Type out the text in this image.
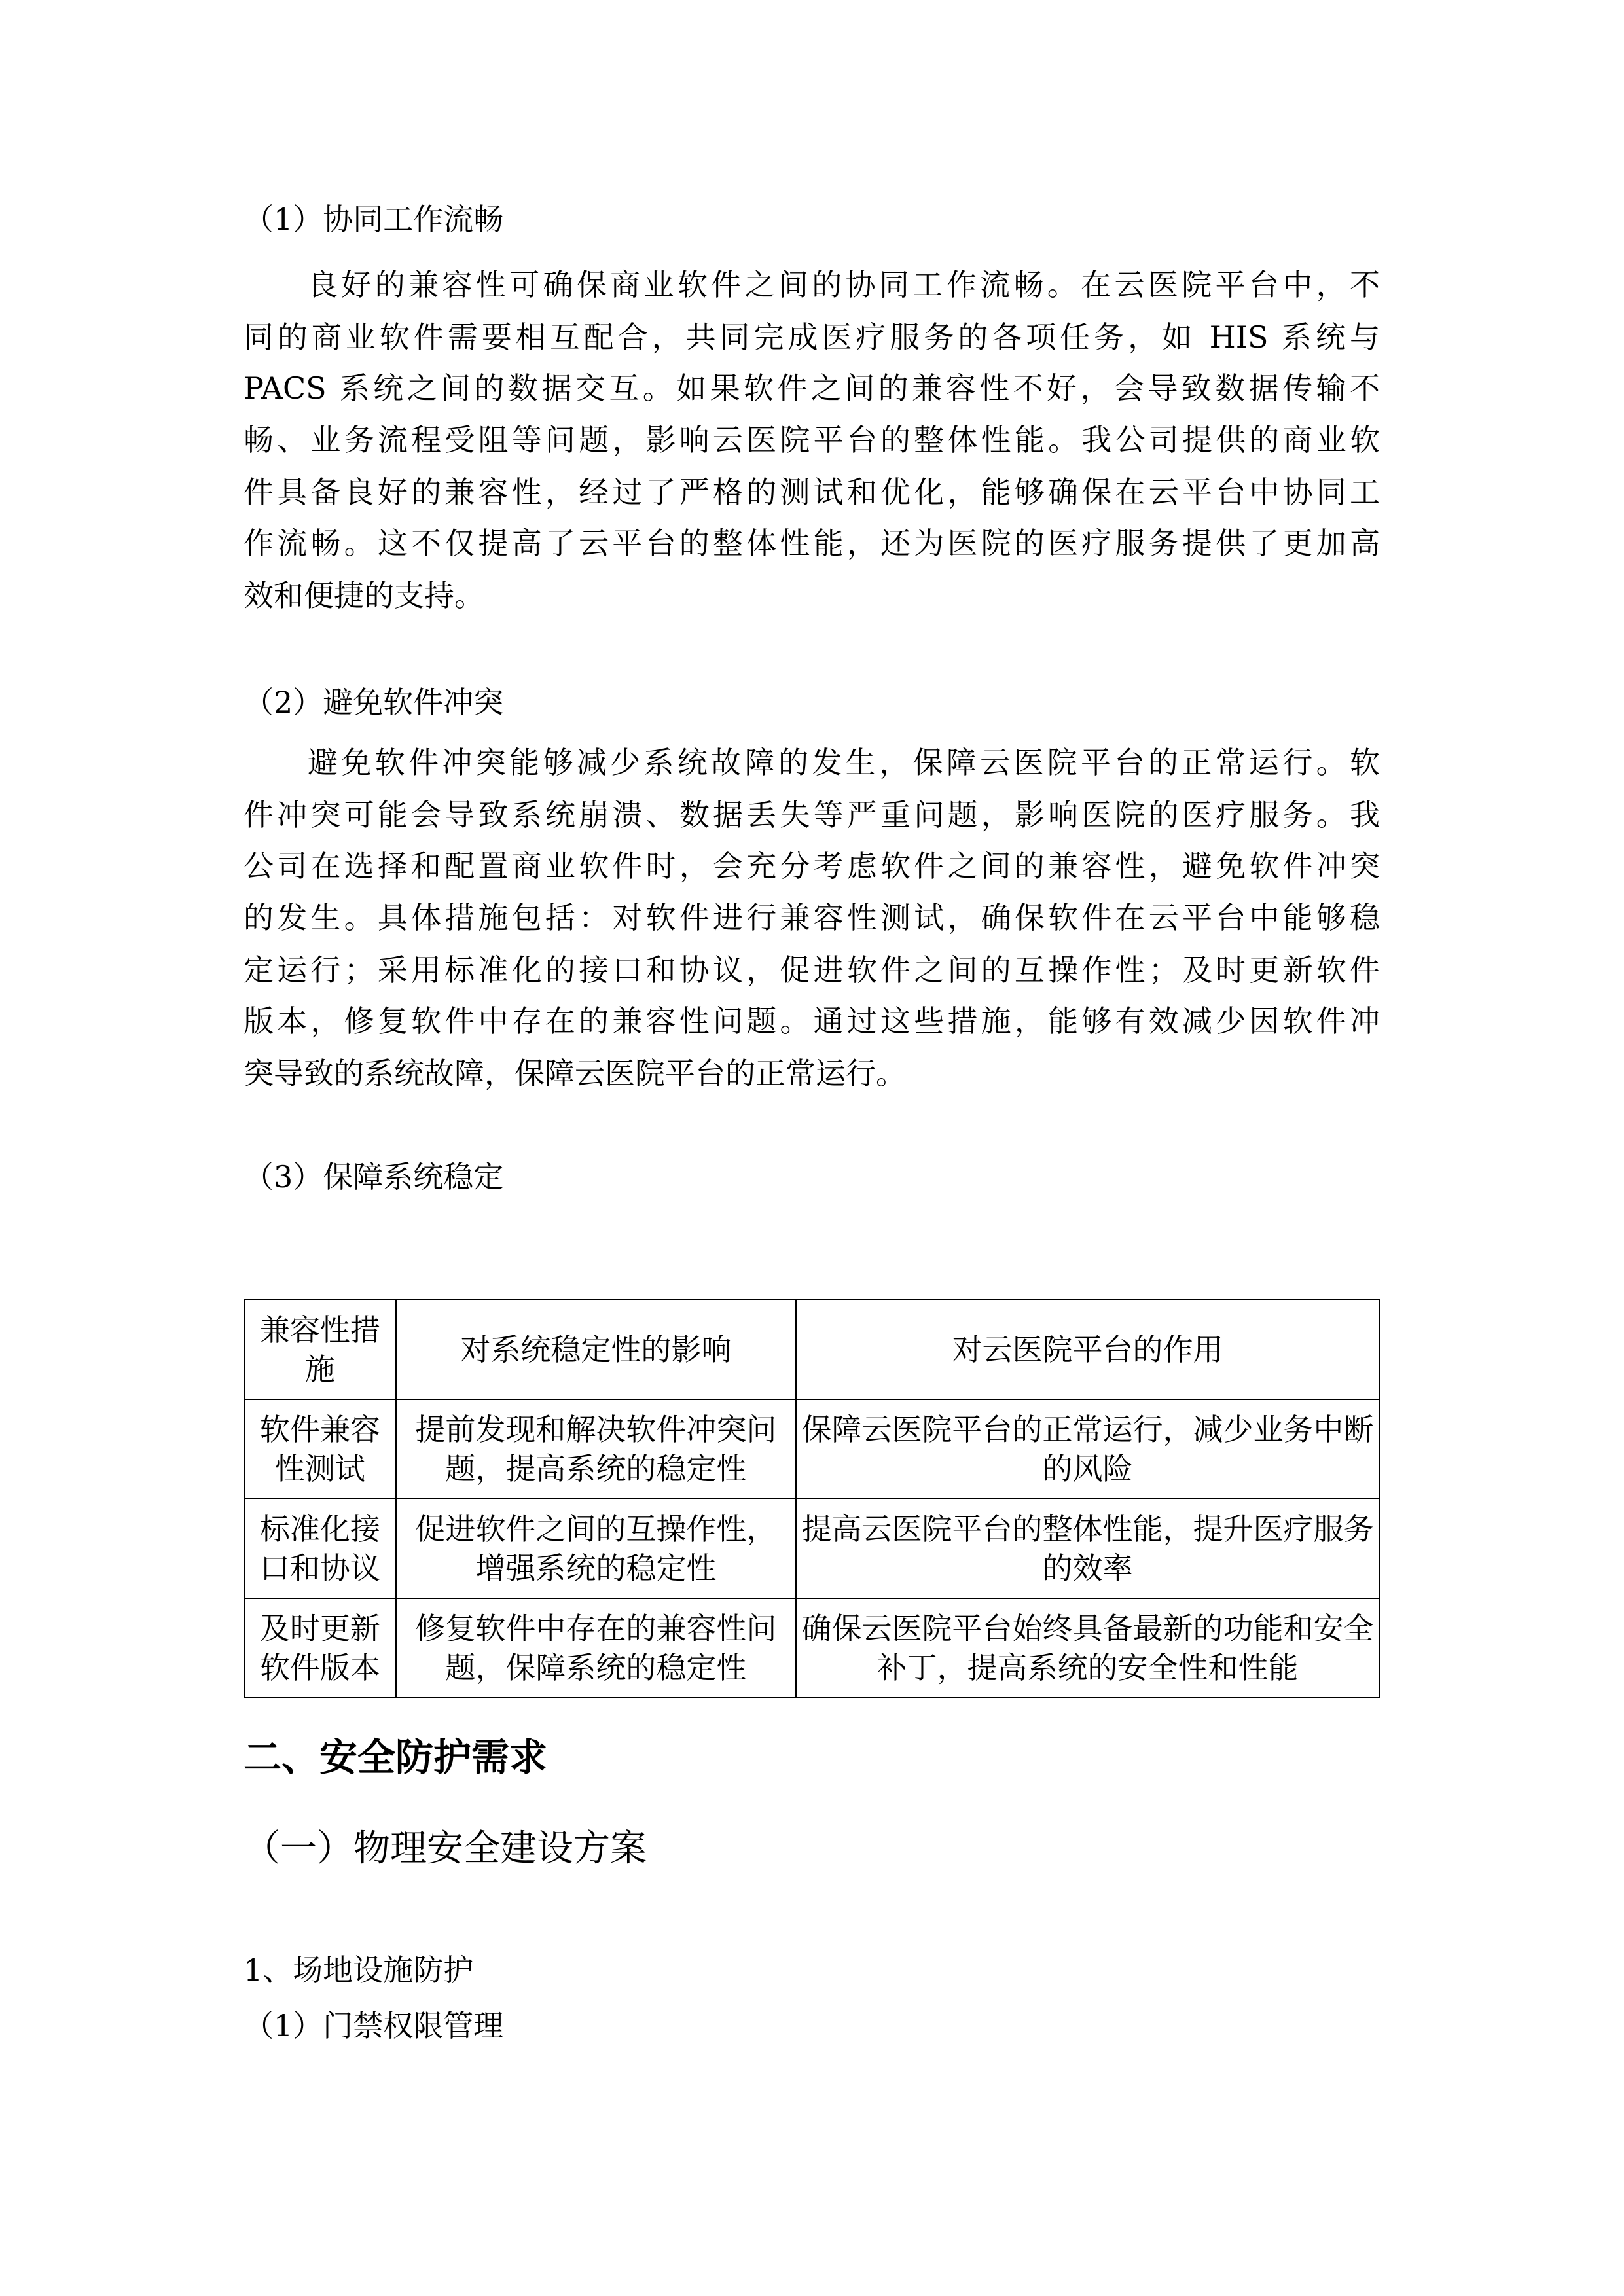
（1）协同工作流畅
良好的兼容性可确保商业软件之间的协同工作流畅。在云医院平台中，不
同的商业软件需要相互配合，共同完成医疗服务的各项任务，如 HIS 系统与
PACS 系统之间的数据交互。如果软件之间的兼容性不好，会导致数据传输不
畅、业务流程受阻等问题，影响云医院平台的整体性能。我公司提供的商业软
件具备良好的兼容性，经过了严格的测试和优化，能够确保在云平台中协同工
作流畅。这不仅提高了云平台的整体性能，还为医院的医疗服务提供了更加高
效和便捷的支持。
（2）避免软件冲突
避免软件冲突能够减少系统故障的发生，保障云医院平台的正常运行。软
件冲突可能会导致系统崩溃、数据丢失等严重问题，影响医院的医疗服务。我
公司在选择和配置商业软件时，会充分考虑软件之间的兼容性，避免软件冲突
的发生。具体措施包括：对软件进行兼容性测试，确保软件在云平台中能够稳
定运行；采用标准化的接口和协议，促进软件之间的互操作性；及时更新软件
版本，修复软件中存在的兼容性问题。通过这些措施，能够有效减少因软件冲
突导致的系统故障，保障云医院平台的正常运行。
（3）保障系统稳定
兼容性措施	对系统稳定性的影响	对云医院平台的作用
软件兼容性测试	提前发现和解决软件冲突问题，提高系统的稳定性	保障云医院平台的正常运行，减少业务中断的风险
标准化接口和协议	促进软件之间的互操作性，增强系统的稳定性	提高云医院平台的整体性能，提升医疗服务的效率
及时更新软件版本	修复软件中存在的兼容性问题，保障系统的稳定性	确保云医院平台始终具备最新的功能和安全补丁，提高系统的安全性和性能
二、安全防护需求
（一）物理安全建设方案
1、场地设施防护
（1）门禁权限管理
